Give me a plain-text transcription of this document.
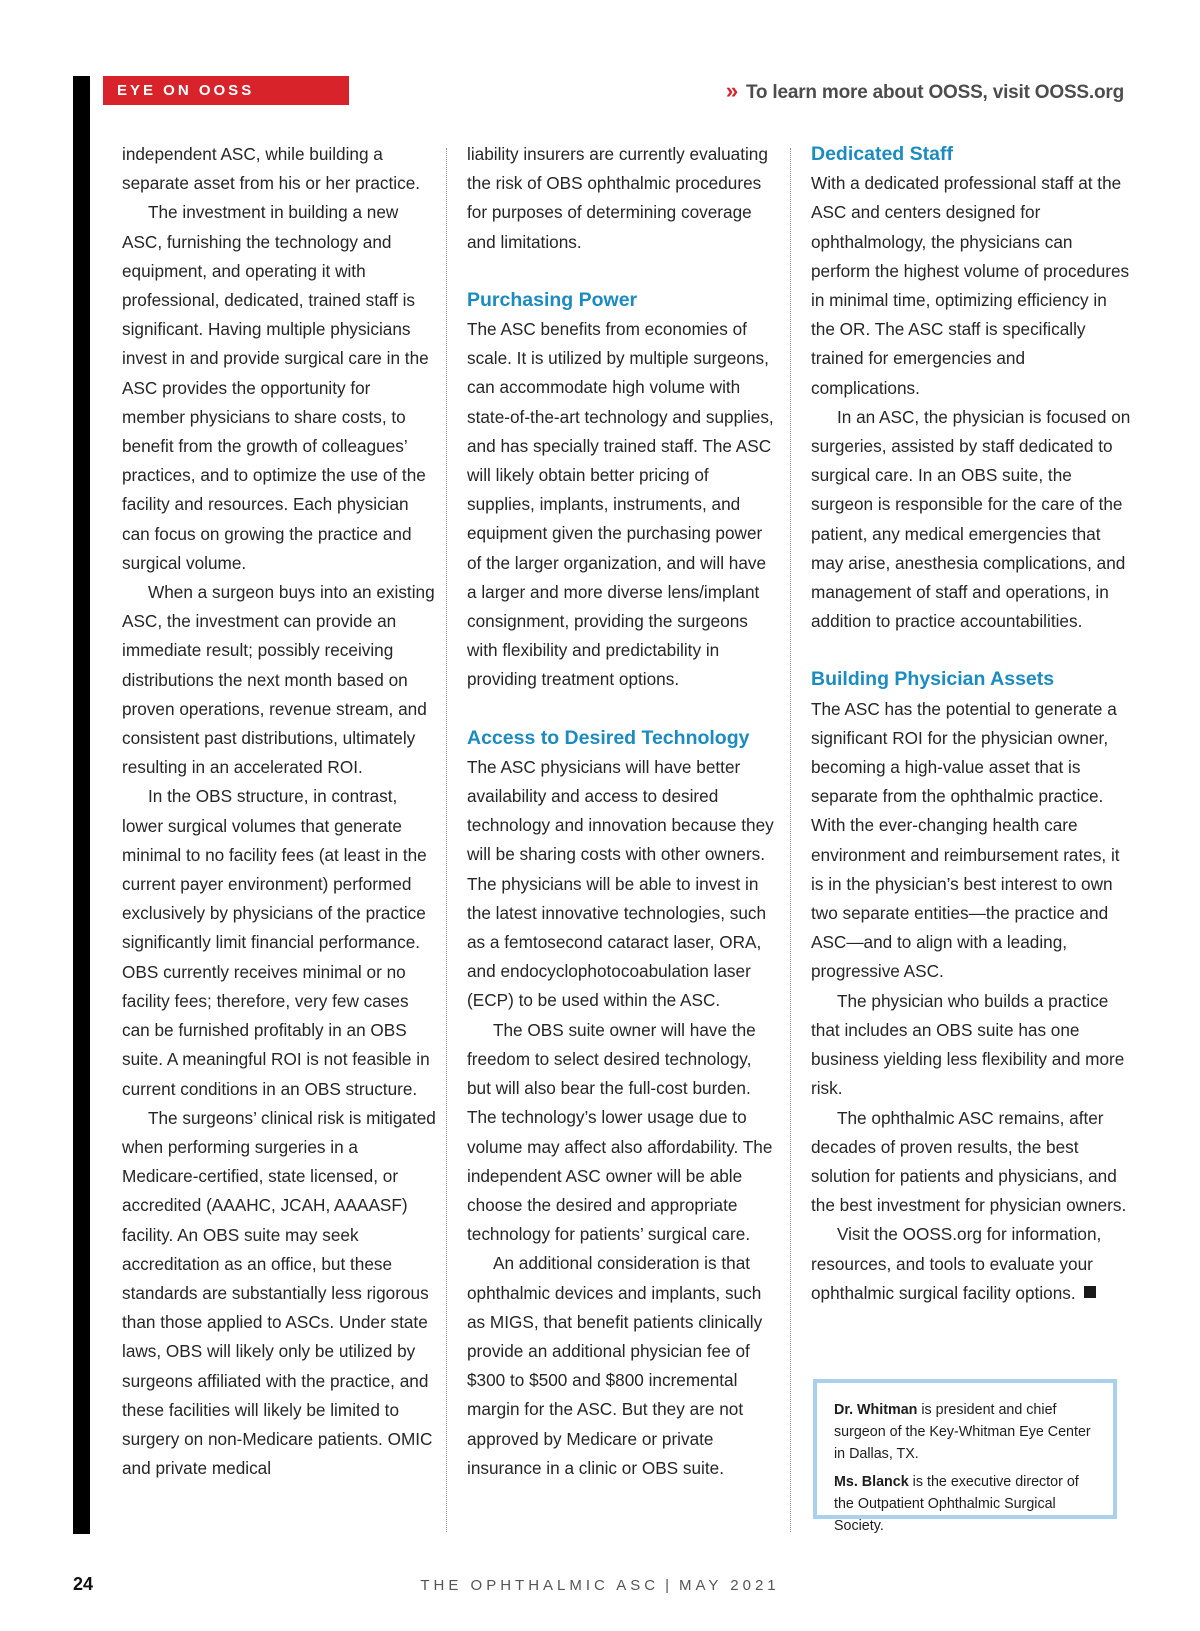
EYE ON OOSS	» To learn more about OOSS, visit OOSS.org

independent ASC, while building a separate asset from his or her practice.

The investment in building a new ASC, furnishing the technology and equipment, and operating it with professional, dedicated, trained staff is significant. Having multiple physicians invest in and provide surgical care in the ASC provides the opportunity for member physicians to share costs, to benefit from the growth of colleagues’ practices, and to optimize the use of the facility and resources. Each physician can focus on growing the practice and surgical volume.

When a surgeon buys into an existing ASC, the investment can provide an immediate result; possibly receiving distributions the next month based on proven operations, revenue stream, and consistent past distributions, ultimately resulting in an accelerated ROI.

In the OBS structure, in contrast, lower surgical volumes that generate minimal to no facility fees (at least in the current payer environment) performed exclusively by physicians of the practice significantly limit financial performance. OBS currently receives minimal or no facility fees; therefore, very few cases can be furnished profitably in an OBS suite. A meaningful ROI is not feasible in current conditions in an OBS structure.

The surgeons’ clinical risk is mitigated when performing surgeries in a Medicare-certified, state licensed, or accredited (AAAHC, JCAH, AAAASF) facility. An OBS suite may seek accreditation as an office, but these standards are substantially less rigorous than those applied to ASCs. Under state laws, OBS will likely only be utilized by surgeons affiliated with the practice, and these facilities will likely be limited to surgery on non-Medicare patients. OMIC and private medical

liability insurers are currently evaluating the risk of OBS ophthalmic procedures for purposes of determining coverage and limitations.

Purchasing Power

The ASC benefits from economies of scale. It is utilized by multiple surgeons, can accommodate high volume with state-of-the-art technology and supplies, and has specially trained staff. The ASC will likely obtain better pricing of supplies, implants, instruments, and equipment given the purchasing power of the larger organization, and will have a larger and more diverse lens/implant consignment, providing the surgeons with flexibility and predictability in providing treatment options.

Access to Desired Technology

The ASC physicians will have better availability and access to desired technology and innovation because they will be sharing costs with other owners. The physicians will be able to invest in the latest innovative technologies, such as a femtosecond cataract laser, ORA, and endocyclophotocoabulation laser (ECP) to be used within the ASC.

The OBS suite owner will have the freedom to select desired technology, but will also bear the full-cost burden. The technology’s lower usage due to volume may affect also affordability. The independent ASC owner will be able choose the desired and appropriate technology for patients’ surgical care.

An additional consideration is that ophthalmic devices and implants, such as MIGS, that benefit patients clinically provide an additional physician fee of $300 to $500 and $800 incremental margin for the ASC. But they are not approved by Medicare or private insurance in a clinic or OBS suite.

Dedicated Staff

With a dedicated professional staff at the ASC and centers designed for ophthalmology, the physicians can perform the highest volume of procedures in minimal time, optimizing efficiency in the OR. The ASC staff is specifically trained for emergencies and complications.

In an ASC, the physician is focused on surgeries, assisted by staff dedicated to surgical care. In an OBS suite, the surgeon is responsible for the care of the patient, any medical emergencies that may arise, anesthesia complications, and management of staff and operations, in addition to practice accountabilities.

Building Physician Assets

The ASC has the potential to generate a significant ROI for the physician owner, becoming a high-value asset that is separate from the ophthalmic practice. With the ever-changing health care environment and reimbursement rates, it is in the physician’s best interest to own two separate entities—the practice and ASC—and to align with a leading, progressive ASC.

The physician who builds a practice that includes an OBS suite has one business yielding less flexibility and more risk.

The ophthalmic ASC remains, after decades of proven results, the best solution for patients and physicians, and the best investment for physician owners.

Visit the OOSS.org for information, resources, and tools to evaluate your ophthalmic surgical facility options.

Dr. Whitman is president and chief surgeon of the Key-Whitman Eye Center in Dallas, TX.

Ms. Blanck is the executive director of the Outpatient Ophthalmic Surgical Society.

24	THE OPHTHALMIC ASC | MAY 2021
